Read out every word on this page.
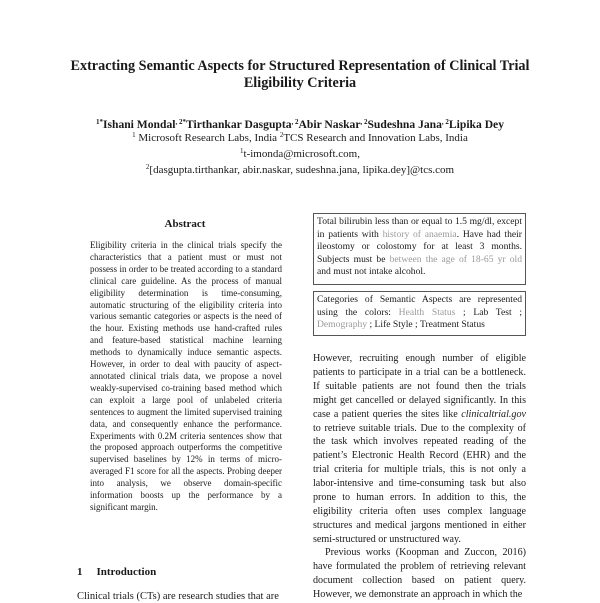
Extracting Semantic Aspects for Structured Representation of Clinical Trial Eligibility Criteria
$^{1*}$Ishani Mondal$^{, 2*}$Tirthankar Dasgupta$^{, 2}$Abir Naskar$^{, 2}$Sudeshna Jana$^{, 2}$Lipika Dey
$^1$ Microsoft Research Labs, India $^2$TCS Research and Innovation Labs, India
$^1$t-imonda@microsoft.com,
$^2$[dasgupta.tirthankar, abir.naskar, sudeshna.jana, lipika.dey]@tcs.com
Abstract

Eligibility criteria in the clinical trials specify the characteristics that a patient must or must not possess in order to be treated according to a standard clinical care guideline. As the process of manual eligibility determination is time-consuming, automatic structuring of the eligibility criteria into various semantic categories or aspects is the need of the hour. Existing methods use hand-crafted rules and feature-based statistical machine learning methods to dynamically induce semantic aspects. However, in order to deal with paucity of aspect-annotated clinical trials data, we propose a novel weakly-supervised co-training based method which can exploit a large pool of unlabeled criteria sentences to augment the limited supervised training data, and consequently enhance the performance. Experiments with 0.2M criteria sentences show that the proposed approach outperforms the competitive supervised baselines by 12% in terms of micro-averaged F1 score for all the aspects. Probing deeper into analysis, we observe domain-specific information boosts up the performance by a significant margin.

1 Introduction
Clinical trials (CTs) are research studies that are
Total bilirubin less than or equal to 1.5 mg/dl, except in patients with history of anaemia. Have had their ileostomy or colostomy for at least 3 months. Subjects must be between the age of 18-65 yr old and must not intake alcohol.
Categories of Semantic Aspects are represented using the colors: Health Status ; Lab Test ; Demography ; Life Style ; Treatment Status

However, recruiting enough number of eligible patients to participate in a trial can be a bottleneck. If suitable patients are not found then the trials might get cancelled or delayed significantly. In this case a patient queries the sites like clinicaltrial.gov to retrieve suitable trials. Due to the complexity of the task which involves repeated reading of the patient’s Electronic Health Record (EHR) and the trial criteria for multiple trials, this is not only a labor-intensive and time-consuming task but also prone to human errors. In addition to this, the eligibility criteria often uses complex language structures and medical jargons mentioned in either semi-structured or unstructured way.

Previous works (Koopman and Zuccon, 2016) have formulated the problem of retrieving relevant document collection based on patient query. However, we demonstrate an approach in which the
